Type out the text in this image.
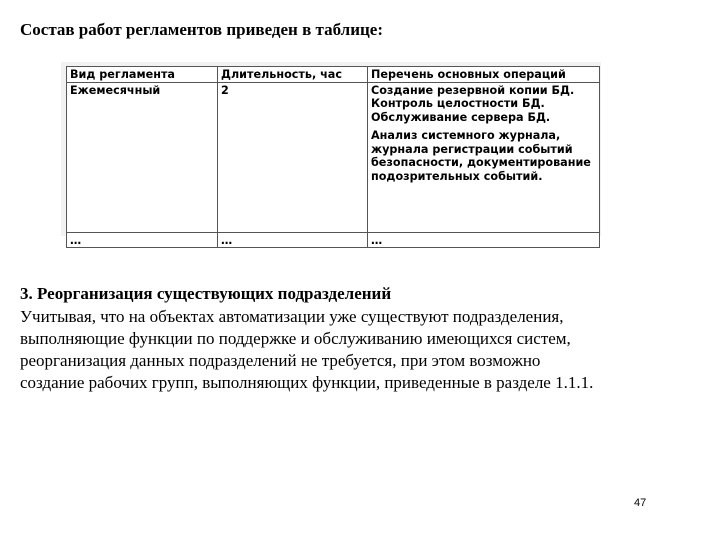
Состав работ регламентов приведен в таблице:
Вид регламента	Длительность, час	Перечень основных операций
Ежемесячный	2	Создание резервной копии БД.
Контроль целостности БД.
Обслуживание сервера БД.
Анализ системного журнала, журнала регистрации событий безопасности, документирование подозрительных событий.

…	…	…
3. Реорганизация существующих подразделений
Учитывая, что на объектах автоматизации уже существуют подразделения,
выполняющие функции по поддержке и обслуживанию имеющихся систем,
реорганизация данных подразделений не требуется, при этом возможно
создание рабочих групп, выполняющих функции, приведенные в разделе 1.1.1.
47
